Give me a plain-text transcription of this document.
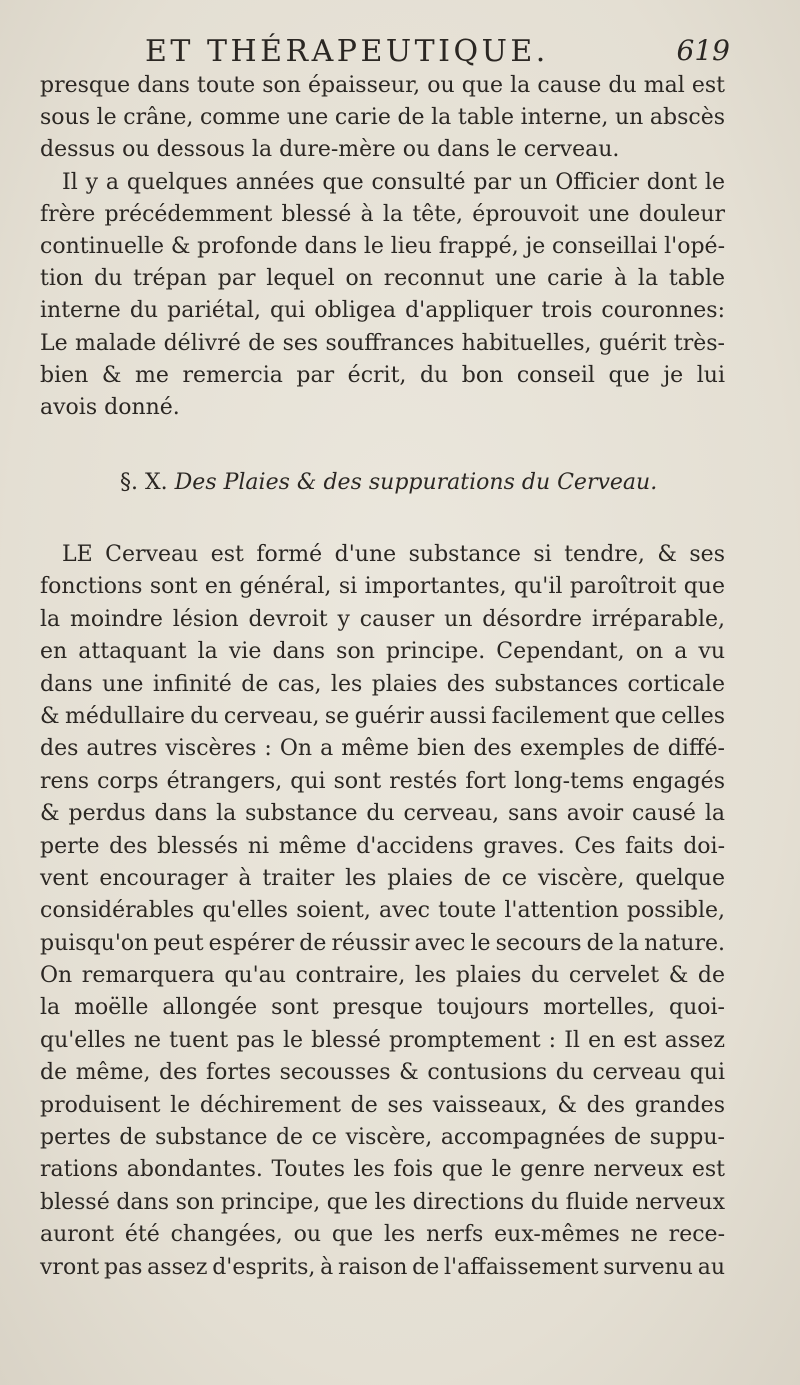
ET THÉRAPEUTIQUE.	619
presque dans toute son épaisseur, ou que la cause du mal est
sous le crâne, comme une carie de la table interne, un abscès
dessus ou dessous la dure-mère ou dans le cerveau.
Il y a quelques années que consulté par un Officier dont le
frère précédemment blessé à la tête, éprouvoit une douleur
continuelle & profonde dans le lieu frappé, je conseillai l'opé-
tion du trépan par lequel on reconnut une carie à la table
interne du pariétal, qui obligea d'appliquer trois couronnes:
Le malade délivré de ses souffrances habituelles, guérit très-
bien & me remercia par écrit, du bon conseil que je lui
avois donné.
§. X. Des Plaies & des suppurations du Cerveau.
LE Cerveau est formé d'une substance si tendre, & ses
fonctions sont en général, si importantes, qu'il paroîtroit que
la moindre lésion devroit y causer un désordre irréparable,
en attaquant la vie dans son principe. Cependant, on a vu
dans une infinité de cas, les plaies des substances corticale
& médullaire du cerveau, se guérir aussi facilement que celles
des autres viscères : On a même bien des exemples de diffé-
rens corps étrangers, qui sont restés fort long-tems engagés
& perdus dans la substance du cerveau, sans avoir causé la
perte des blessés ni même d'accidens graves. Ces faits doi-
vent encourager à traiter les plaies de ce viscère, quelque
considérables qu'elles soient, avec toute l'attention possible,
puisqu'on peut espérer de réussir avec le secours de la nature.
On remarquera qu'au contraire, les plaies du cervelet & de
la moëlle allongée sont presque toujours mortelles, quoi-
qu'elles ne tuent pas le blessé promptement : Il en est assez
de même, des fortes secousses & contusions du cerveau qui
produisent le déchirement de ses vaisseaux, & des grandes
pertes de substance de ce viscère, accompagnées de suppu-
rations abondantes. Toutes les fois que le genre nerveux est
blessé dans son principe, que les directions du fluide nerveux
auront été changées, ou que les nerfs eux-mêmes ne rece-
vront pas assez d'esprits, à raison de l'affaissement survenu au
